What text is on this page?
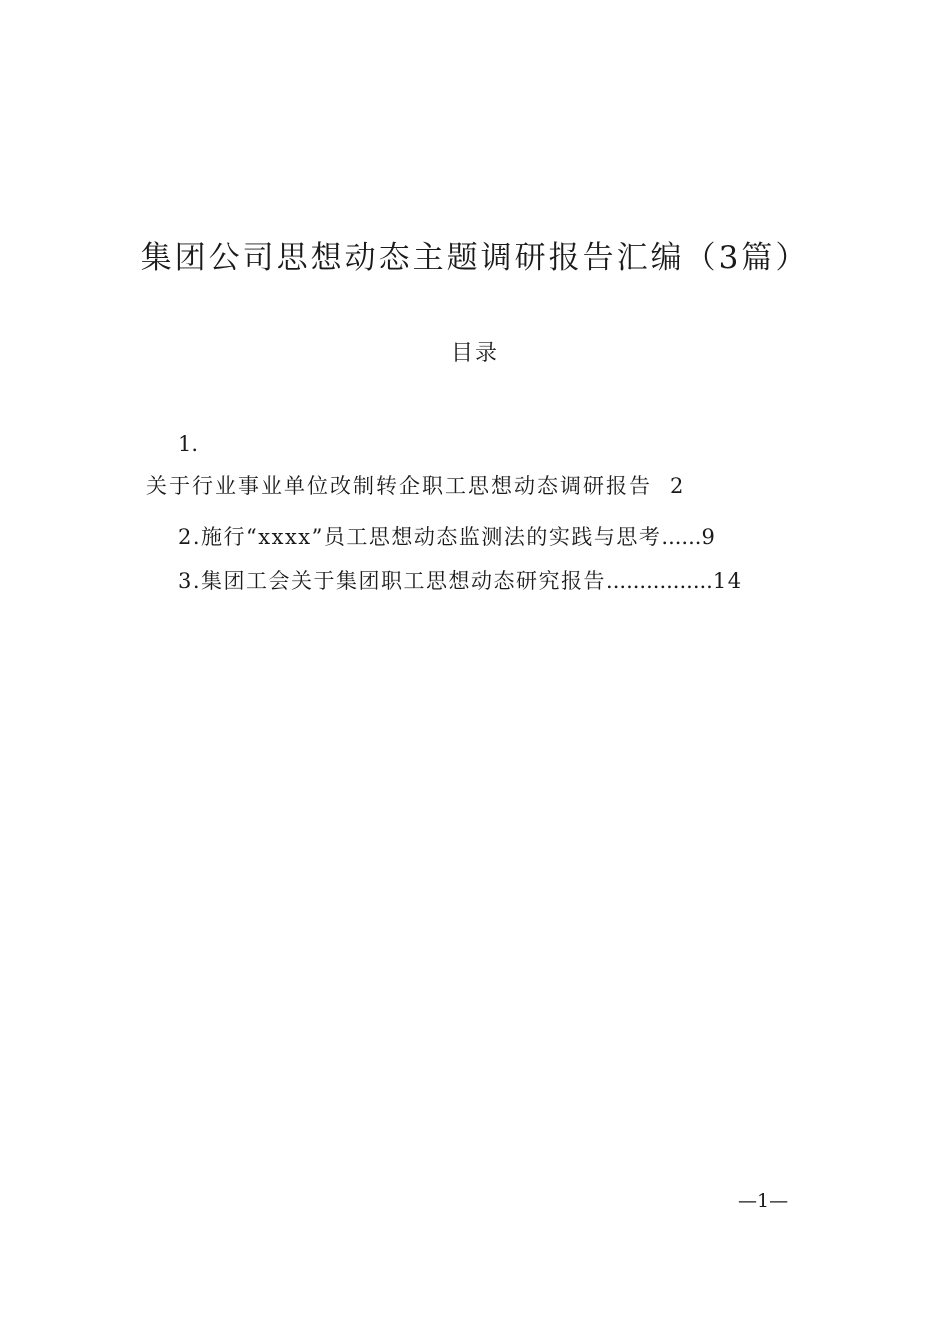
集团公司思想动态主题调研报告汇编（3篇）
目录
1.
关于行业事业单位改制转企职工思想动态调研报告 2
2.施行“xxxx”员工思想动态监测法的实践与思考......9
3.集团工会关于集团职工思想动态研究报告................14
—1—
